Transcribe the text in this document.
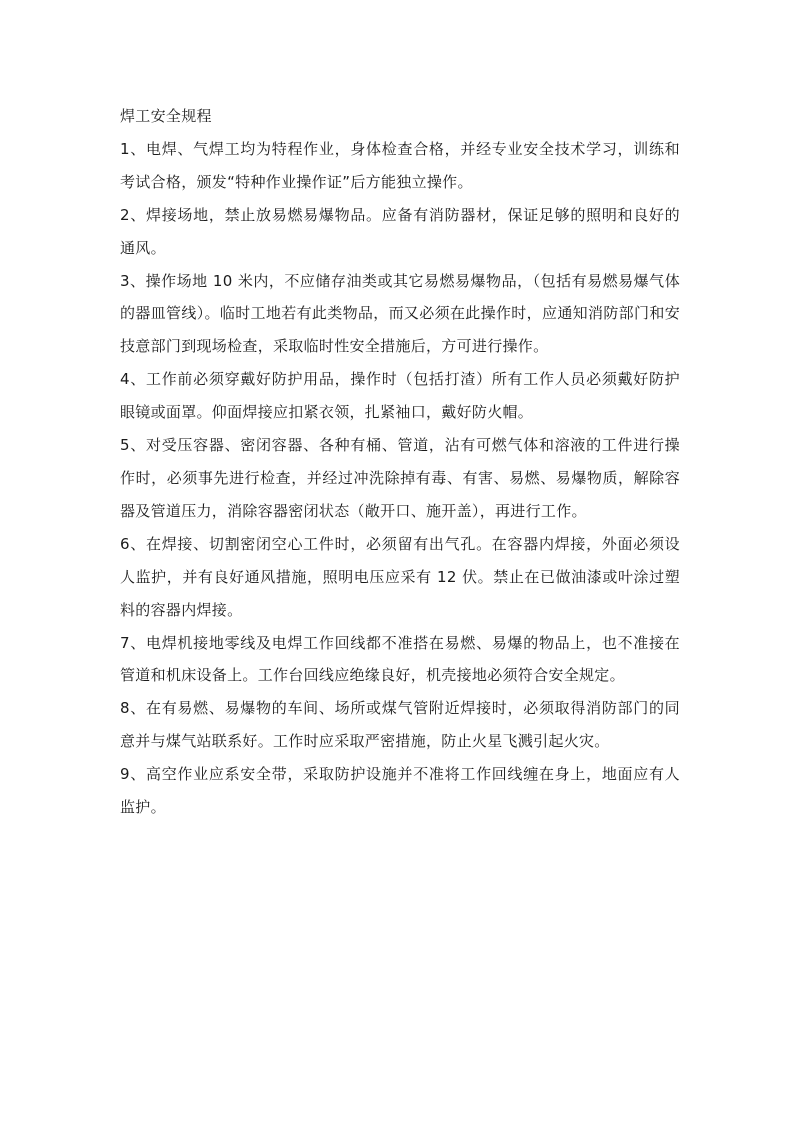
焊工安全规程

1、电焊、气焊工均为特程作业，身体检查合格，并经专业安全技术学习，训练和考试合格，颁发“特种作业操作证”后方能独立操作。

2、焊接场地，禁止放易燃易爆物品。应备有消防器材，保证足够的照明和良好的通风。

3、操作场地 10 米内，不应储存油类或其它易燃易爆物品，（包括有易燃易爆气体的器皿管线）。临时工地若有此类物品，而又必须在此操作时，应通知消防部门和安技意部门到现场检查，采取临时性安全措施后，方可进行操作。

4、工作前必须穿戴好防护用品，操作时（包括打渣）所有工作人员必须戴好防护眼镜或面罩。仰面焊接应扣紧衣领，扎紧袖口，戴好防火帽。

5、对受压容器、密闭容器、各种有桶、管道，沾有可燃气体和溶液的工件进行操作时，必须事先进行检查，并经过冲洗除掉有毒、有害、易燃、易爆物质，解除容器及管道压力，消除容器密闭状态（敞开口、施开盖），再进行工作。

6、在焊接、切割密闭空心工件时，必须留有出气孔。在容器内焊接，外面必须设人监护，并有良好通风措施，照明电压应采有 12 伏。禁止在已做油漆或叶涂过塑料的容器内焊接。

7、电焊机接地零线及电焊工作回线都不准搭在易燃、易爆的物品上，也不准接在管道和机床设备上。工作台回线应绝缘良好，机壳接地必须符合安全规定。

8、在有易燃、易爆物的车间、场所或煤气管附近焊接时，必须取得消防部门的同意并与煤气站联系好。工作时应采取严密措施，防止火星飞溅引起火灾。

9、高空作业应系安全带，采取防护设施并不准将工作回线缠在身上，地面应有人监护。
